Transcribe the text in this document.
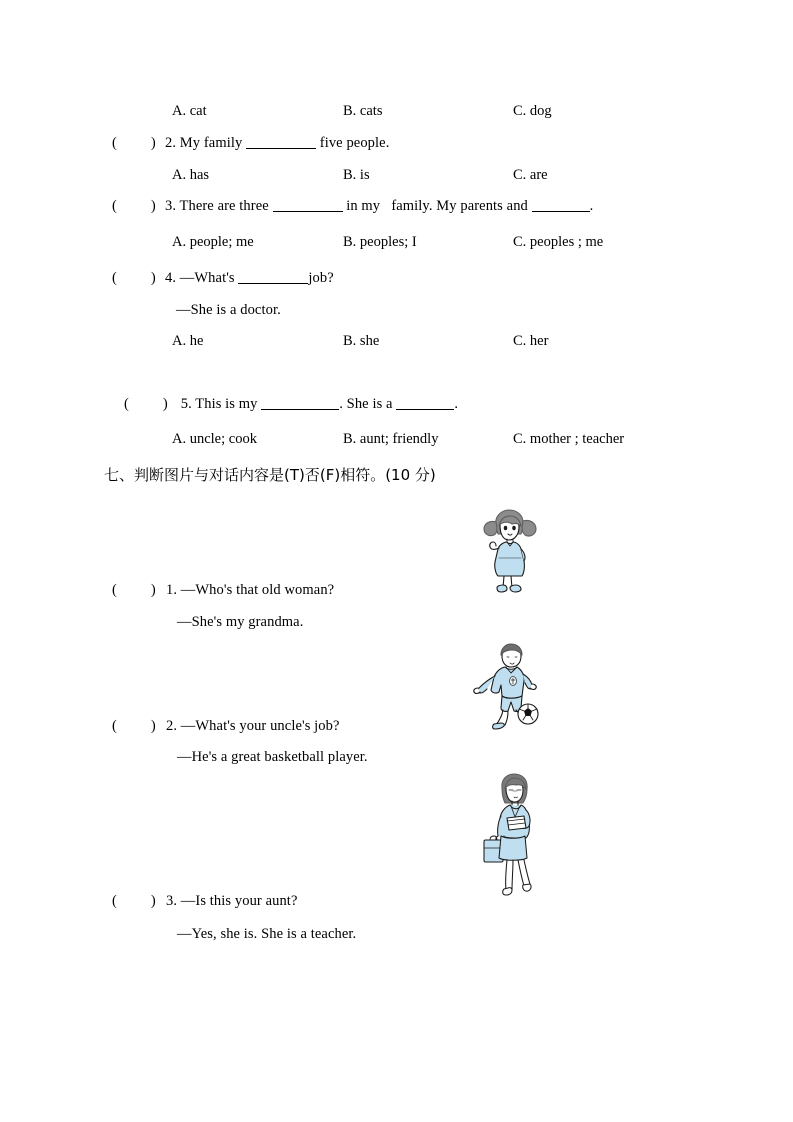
A. cat	B. cats	C. dog
( ) 2. My family	five people.
A. has	B. is	C. are
( ) 3. There are three	in my   family. My parents and	.
A. people; me	B. peoples; I	C. peoples ; me
( ) 4. —What's	job?
—She is a doctor.
A. he	B. she	C. her
( ) 5. This is my	. She is a	.
A. uncle; cook	B. aunt; friendly	C. mother ; teacher
七、判断图片与对话内容是(T)否(F)相符。(10 分)
( ) 1. —Who's that old woman?
—She's my grandma.
( ) 2. —What's your uncle's job?
—He's a great basketball player.
( ) 3. —Is this your aunt?
—Yes, she is. She is a teacher.
